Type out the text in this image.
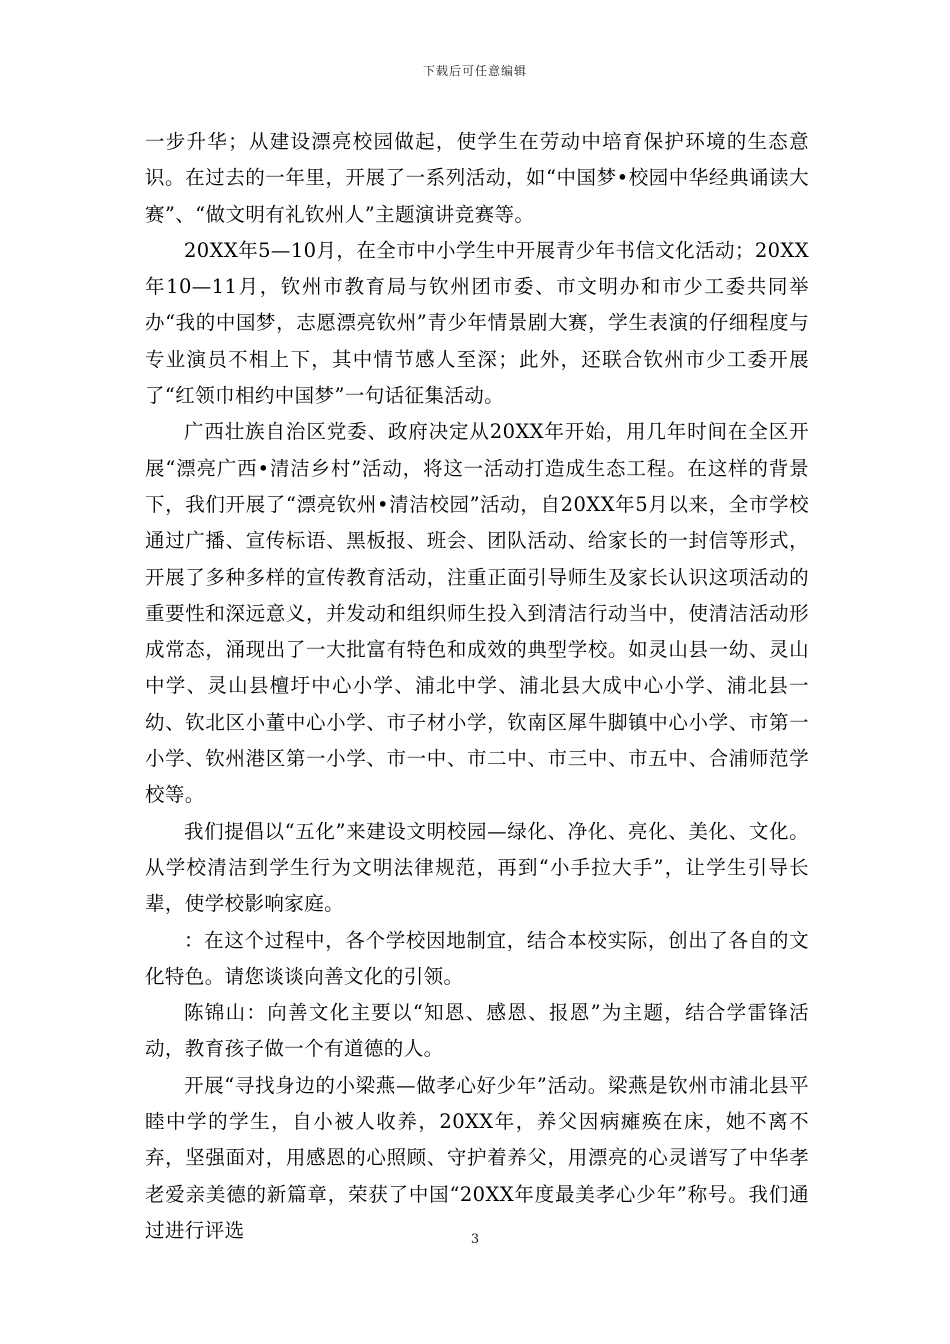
下载后可任意编辑

一步升华；从建设漂亮校园做起，使学生在劳动中培育保护环境的生态意识。在过去的一年里，开展了一系列活动，如“中国梦•校园中华经典诵读大赛”、“做文明有礼钦州人”主题演讲竞赛等。

20XX年5—10月，在全市中小学生中开展青少年书信文化活动；20XX年10—11月，钦州市教育局与钦州团市委、市文明办和市少工委共同举办“我的中国梦，志愿漂亮钦州”青少年情景剧大赛，学生表演的仔细程度与专业演员不相上下，其中情节感人至深；此外，还联合钦州市少工委开展了“红领巾相约中国梦”一句话征集活动。

广西壮族自治区党委、政府决定从20XX年开始，用几年时间在全区开展“漂亮广西•清洁乡村”活动，将这一活动打造成生态工程。在这样的背景下，我们开展了“漂亮钦州•清洁校园”活动，自20XX年5月以来，全市学校通过广播、宣传标语、黑板报、班会、团队活动、给家长的一封信等形式，开展了多种多样的宣传教育活动，注重正面引导师生及家长认识这项活动的重要性和深远意义，并发动和组织师生投入到清洁行动当中，使清洁活动形成常态，涌现出了一大批富有特色和成效的典型学校。如灵山县一幼、灵山中学、灵山县檀圩中心小学、浦北中学、浦北县大成中心小学、浦北县一幼、钦北区小董中心小学、市子材小学，钦南区犀牛脚镇中心小学、市第一小学、钦州港区第一小学、市一中、市二中、市三中、市五中、合浦师范学校等。

我们提倡以“五化”来建设文明校园—绿化、净化、亮化、美化、文化。从学校清洁到学生行为文明法律规范，再到“小手拉大手”，让学生引导长辈，使学校影响家庭。

：在这个过程中，各个学校因地制宜，结合本校实际，创出了各自的文化特色。请您谈谈向善文化的引领。

陈锦山：向善文化主要以“知恩、感恩、报恩”为主题，结合学雷锋活动，教育孩子做一个有道德的人。

开展“寻找身边的小梁燕—做孝心好少年”活动。梁燕是钦州市浦北县平睦中学的学生，自小被人收养，20XX年，养父因病瘫痪在床，她不离不弃，坚强面对，用感恩的心照顾、守护着养父，用漂亮的心灵谱写了中华孝老爱亲美德的新篇章，荣获了中国“20XX年度最美孝心少年”称号。我们通过进行评选	3
